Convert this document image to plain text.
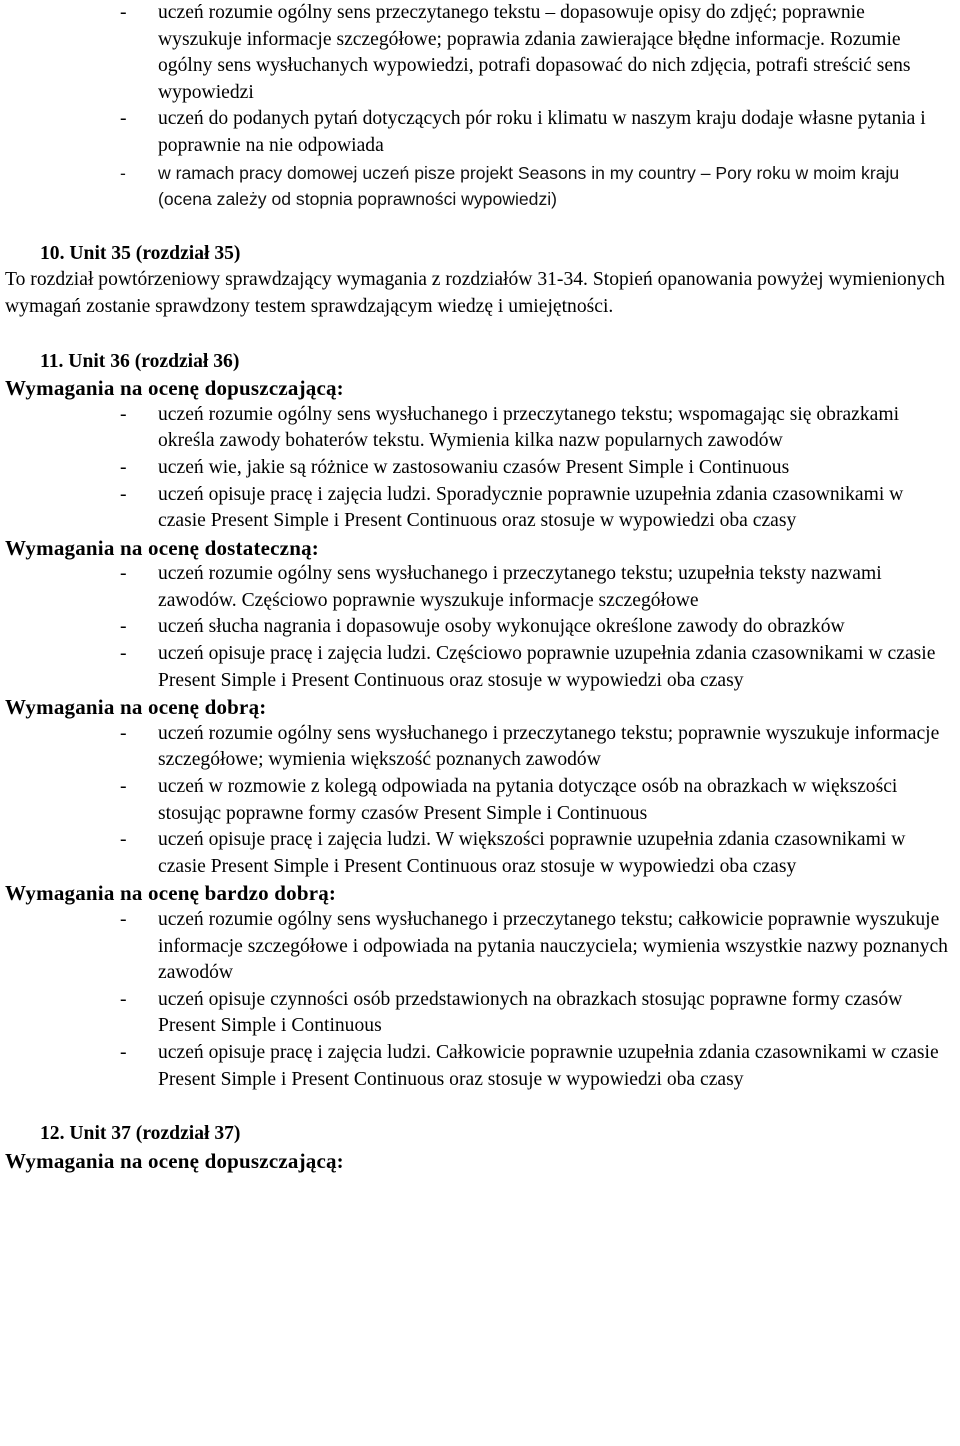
- uczeń rozumie ogólny sens przeczytanego tekstu – dopasowuje opisy do zdjęć; poprawnie wyszukuje informacje szczegółowe; poprawia zdania zawierające błędne informacje. Rozumie ogólny sens wysłuchanych wypowiedzi, potrafi dopasować do nich zdjęcia, potrafi streścić sens wypowiedzi

- uczeń do podanych pytań dotyczących pór roku i klimatu w naszym kraju dodaje własne pytania i poprawnie na nie odpowiada

- w ramach pracy domowej uczeń pisze projekt Seasons in my country – Pory roku w moim kraju (ocena zależy od stopnia poprawności wypowiedzi)

10. Unit 35 (rozdział 35)

To rozdział powtórzeniowy sprawdzający wymagania z rozdziałów 31-34. Stopień opanowania powyżej wymienionych wymagań zostanie sprawdzony testem sprawdzającym wiedzę i umiejętności.

11. Unit 36 (rozdział 36)

Wymagania na ocenę dopuszczającą:

- uczeń rozumie ogólny sens wysłuchanego i przeczytanego tekstu; wspomagając się obrazkami określa zawody bohaterów tekstu. Wymienia kilka nazw popularnych zawodów

- uczeń wie, jakie są różnice w zastosowaniu czasów Present Simple i Continuous

- uczeń opisuje pracę i zajęcia ludzi. Sporadycznie poprawnie uzupełnia zdania czasownikami w czasie Present Simple i Present Continuous oraz stosuje w wypowiedzi oba czasy

Wymagania na ocenę dostateczną:

- uczeń rozumie ogólny sens wysłuchanego i przeczytanego tekstu; uzupełnia teksty nazwami zawodów. Częściowo poprawnie wyszukuje informacje szczegółowe

- uczeń słucha nagrania i dopasowuje osoby wykonujące określone zawody do obrazków

- uczeń opisuje pracę i zajęcia ludzi. Częściowo poprawnie uzupełnia zdania czasownikami w czasie Present Simple i Present Continuous oraz stosuje w wypowiedzi oba czasy

Wymagania na ocenę dobrą:

- uczeń rozumie ogólny sens wysłuchanego i przeczytanego tekstu; poprawnie wyszukuje informacje szczegółowe; wymienia większość poznanych zawodów

- uczeń w rozmowie z kolegą odpowiada na pytania dotyczące osób na obrazkach w większości stosując poprawne formy czasów Present Simple i Continuous

- uczeń opisuje pracę i zajęcia ludzi. W większości poprawnie uzupełnia zdania czasownikami w czasie Present Simple i Present Continuous oraz stosuje w wypowiedzi oba czasy

Wymagania na ocenę bardzo dobrą:

- uczeń rozumie ogólny sens wysłuchanego i przeczytanego tekstu; całkowicie poprawnie wyszukuje informacje szczegółowe i odpowiada na pytania nauczyciela; wymienia wszystkie nazwy poznanych zawodów

- uczeń opisuje czynności osób przedstawionych na obrazkach stosując poprawne formy czasów Present Simple i Continuous

- uczeń opisuje pracę i zajęcia ludzi. Całkowicie poprawnie uzupełnia zdania czasownikami w czasie Present Simple i Present Continuous oraz stosuje w wypowiedzi oba czasy

12. Unit 37 (rozdział 37)

Wymagania na ocenę dopuszczającą:
